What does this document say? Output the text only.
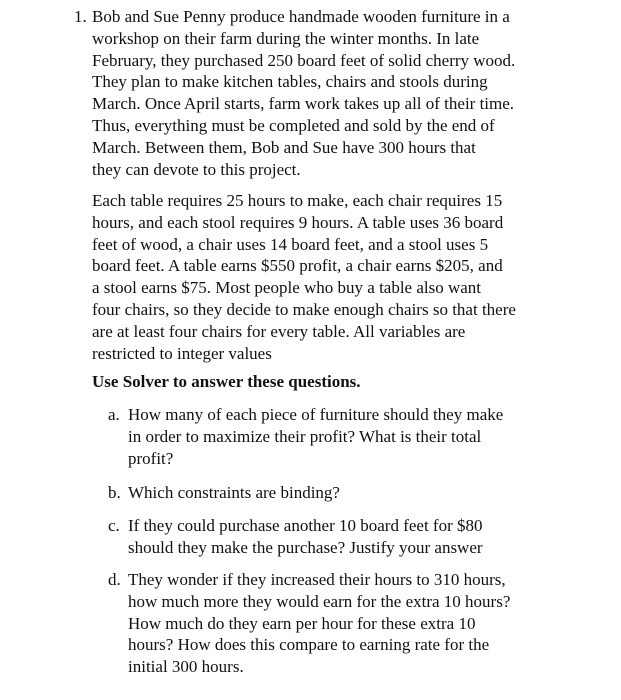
1. Bob and Sue Penny produce handmade wooden furniture in a
workshop on their farm during the winter months. In late
February, they purchased 250 board feet of solid cherry wood.
They plan to make kitchen tables, chairs and stools during
March. Once April starts, farm work takes up all of their time.
Thus, everything must be completed and sold by the end of
March. Between them, Bob and Sue have 300 hours that
they can devote to this project.
Each table requires 25 hours to make, each chair requires 15
hours, and each stool requires 9 hours. A table uses 36 board
feet of wood, a chair uses 14 board feet, and a stool uses 5
board feet. A table earns $550 profit, a chair earns $205, and
a stool earns $75. Most people who buy a table also want
four chairs, so they decide to make enough chairs so that there
are at least four chairs for every table. All variables are
restricted to integer values
Use Solver to answer these questions.
a. How many of each piece of furniture should they make
in order to maximize their profit? What is their total
profit?
b. Which constraints are binding?
c. If they could purchase another 10 board feet for $80
should they make the purchase? Justify your answer
d. They wonder if they increased their hours to 310 hours,
how much more they would earn for the extra 10 hours?
How much do they earn per hour for these extra 10
hours? How does this compare to earning rate for the
initial 300 hours.
